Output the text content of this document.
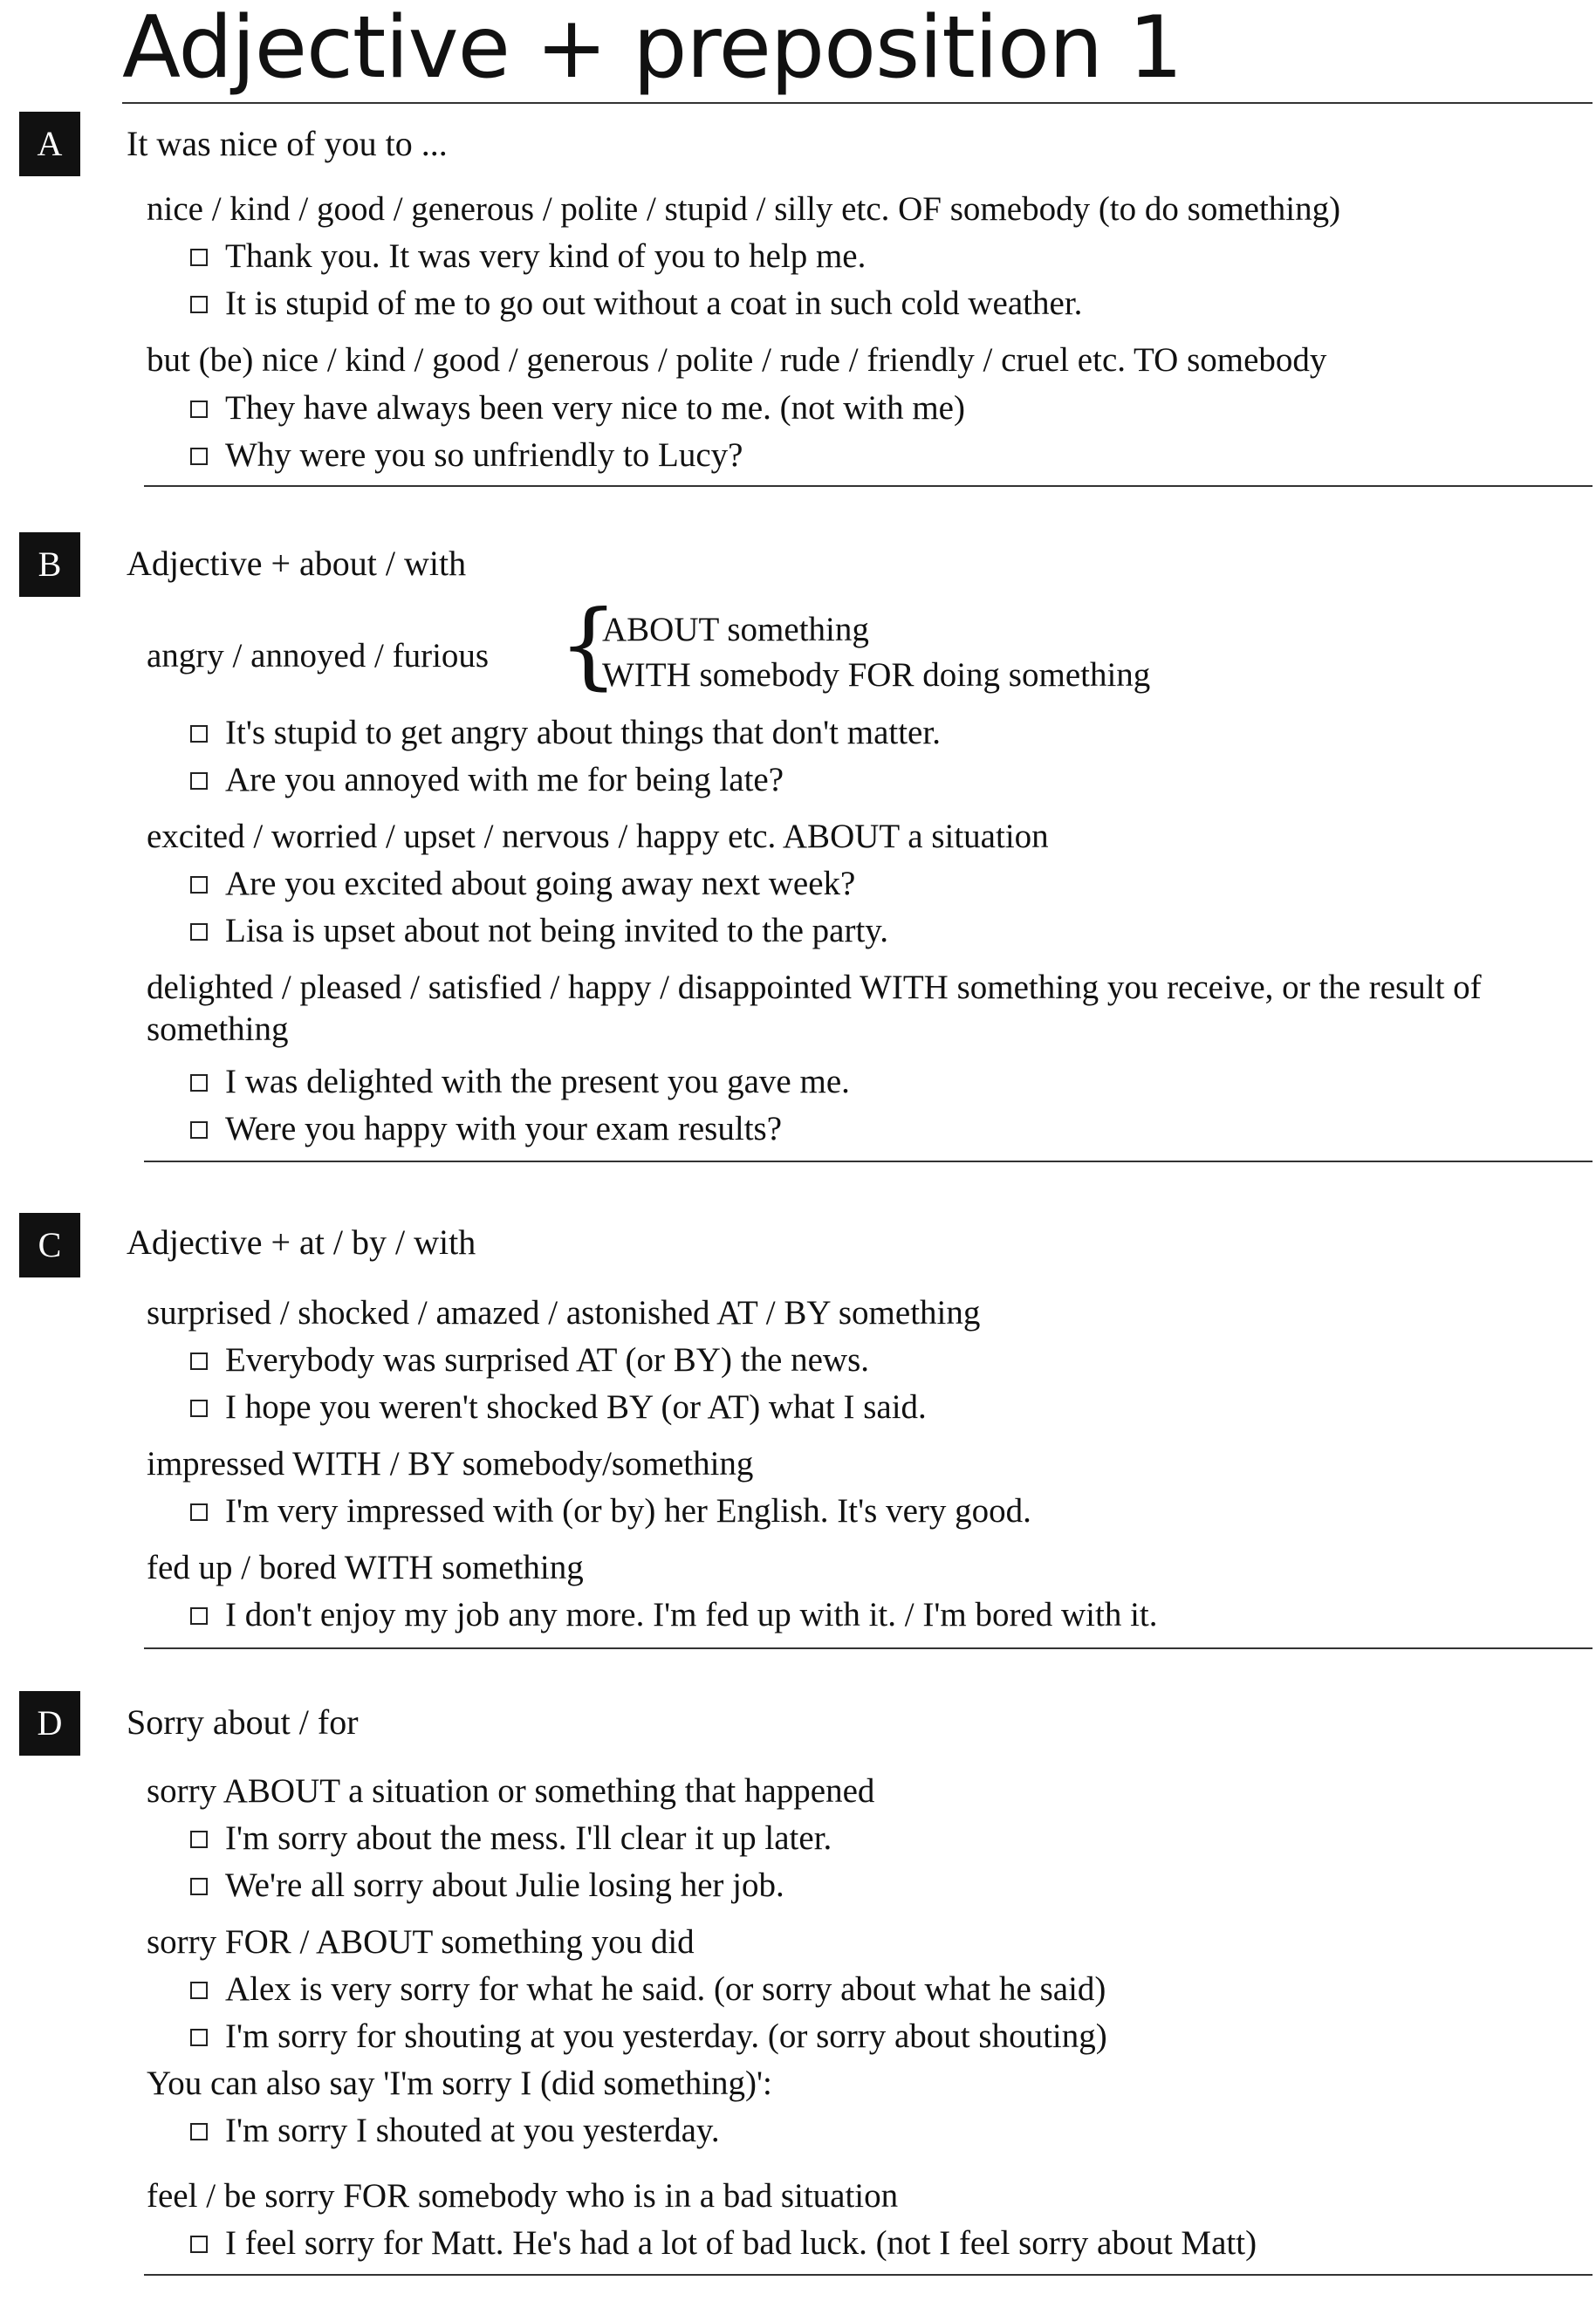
Adjective + preposition 1
A	It was nice of you to ...
nice / kind / good / generous / polite / stupid / silly etc. OF somebody (to do something)
Thank you. It was very kind of you to help me.
It is stupid of me to go out without a coat in such cold weather.
but (be) nice / kind / good / generous / polite / rude / friendly / cruel etc. TO somebody
They have always been very nice to me. (not with me)
Why were you so unfriendly to Lucy?
B	Adjective + about / with
angry / annoyed / furious {
ABOUT something
WITH somebody FOR doing something
It's stupid to get angry about things that don't matter.
Are you annoyed with me for being late?
excited / worried / upset / nervous / happy etc. ABOUT a situation
Are you excited about going away next week?
Lisa is upset about not being invited to the party.
delighted / pleased / satisfied / happy / disappointed WITH something you receive, or the result of something
I was delighted with the present you gave me.
Were you happy with your exam results?
C	Adjective + at / by / with
surprised / shocked / amazed / astonished AT / BY something
Everybody was surprised AT (or BY) the news.
I hope you weren't shocked BY (or AT) what I said.
impressed WITH / BY somebody/something
I'm very impressed with (or by) her English. It's very good.
fed up / bored WITH something
I don't enjoy my job any more. I'm fed up with it. / I'm bored with it.
D	Sorry about / for
sorry ABOUT a situation or something that happened
I'm sorry about the mess. I'll clear it up later.
We're all sorry about Julie losing her job.
sorry FOR / ABOUT something you did
Alex is very sorry for what he said. (or sorry about what he said)
I'm sorry for shouting at you yesterday. (or sorry about shouting)
You can also say 'I'm sorry I (did something)':
I'm sorry I shouted at you yesterday.
feel / be sorry FOR somebody who is in a bad situation
I feel sorry for Matt. He's had a lot of bad luck. (not I feel sorry about Matt)
